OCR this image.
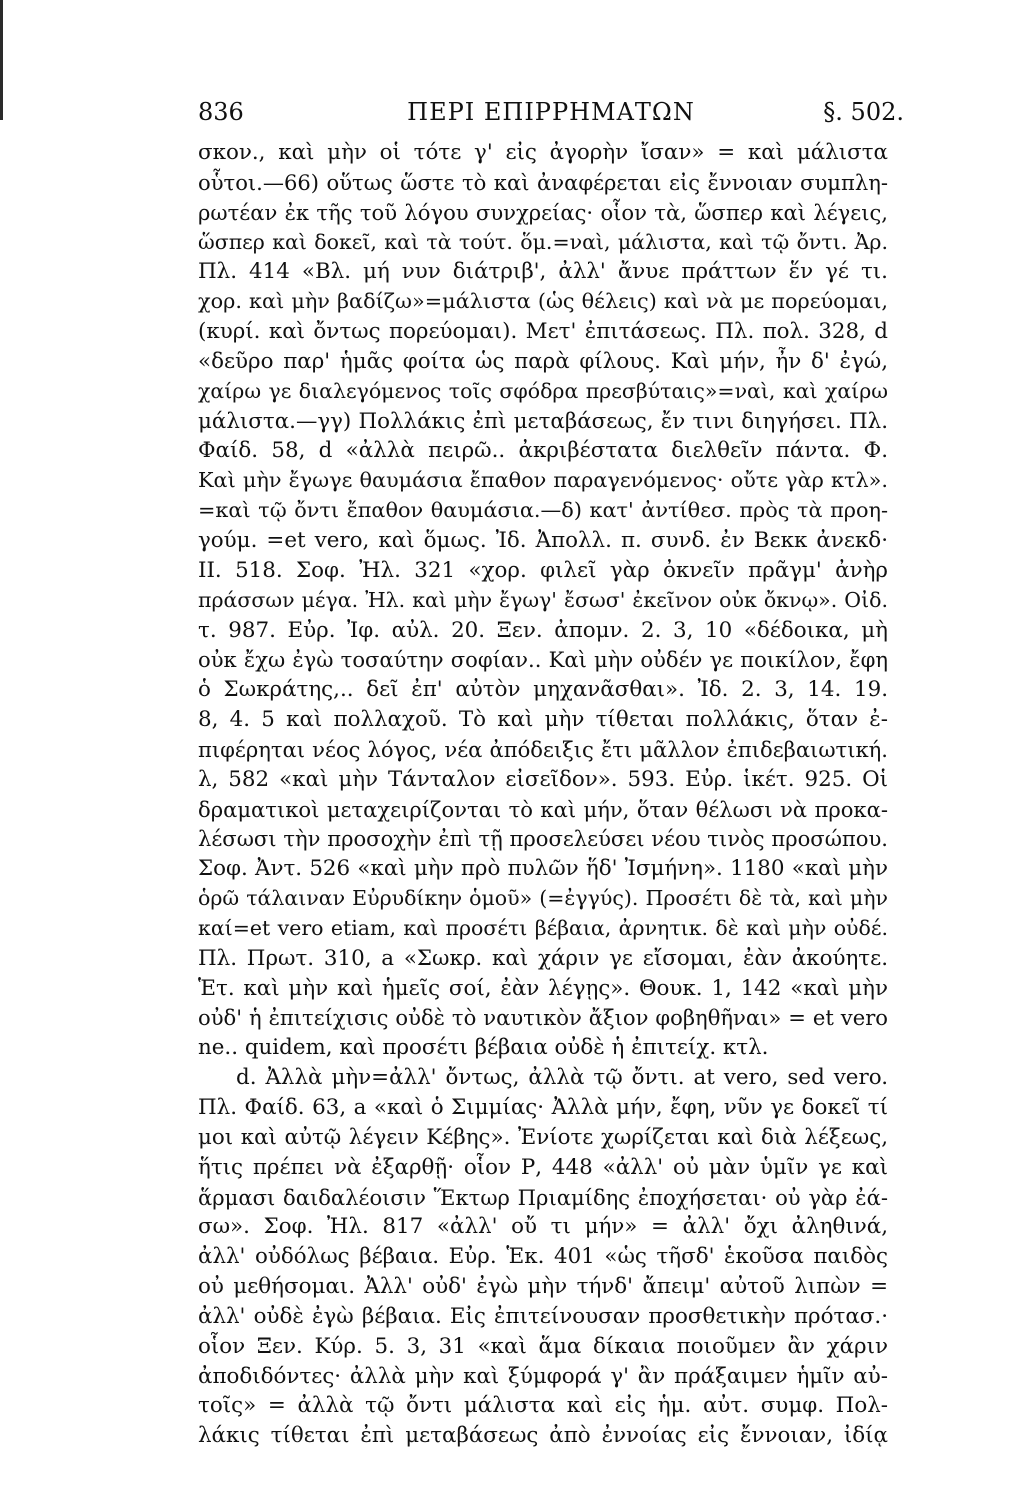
836	ΠΕΡΙ ΕΠΙΡΡΗΜΑΤΩΝ	§. 502.
σκον., καὶ μὴν οἱ τότε γ' εἰς ἀγορὴν ἴσαν» = καὶ μάλιστα
οὗτοι.—66) οὕτως ὥστε τὸ καὶ ἀναφέρεται εἰς ἔννοιαν συμπλη-
ρωτέαν ἐκ τῆς τοῦ λόγου συνχρείας· οἷον τὰ, ὥσπερ καὶ λέγεις,
ὥσπερ καὶ δοκεῖ, καὶ τὰ τούτ. ὅμ.=ναὶ, μάλιστα, καὶ τῷ ὄντι. Ἀρ.
Πλ. 414 «Βλ. μή νυν διάτριβ', ἀλλ' ἄνυε πράττων ἕν γέ τι.
χορ. καὶ μὴν βαδίζω»=μάλιστα (ὡς θέλεις) καὶ νὰ με πορεύομαι,
(κυρί. καὶ ὄντως πορεύομαι). Μετ' ἐπιτάσεως. Πλ. πολ. 328, d
«δεῦρο παρ' ἡμᾶς φοίτα ὡς παρὰ φίλους. Καὶ μήν, ἦν δ' ἐγώ,
χαίρω γε διαλεγόμενος τοῖς σφόδρα πρεσβύταις»=ναὶ, καὶ χαίρω
μάλιστα.—γγ) Πολλάκις ἐπὶ μεταβάσεως, ἔν τινι διηγήσει. Πλ.
Φαίδ. 58, d «ἀλλὰ πειρῶ.. ἀκριβέστατα διελθεῖν πάντα. Φ.
Καὶ μὴν ἔγωγε θαυμάσια ἔπαθον παραγενόμενος· οὔτε γὰρ κτλ».
=καὶ τῷ ὄντι ἔπαθον θαυμάσια.—δ) κατ' ἀντίθεσ. πρὸς τὰ προη-
γούμ. =et vero, καὶ ὅμως. Ἰδ. Ἀπολλ. π. συνδ. ἐν Βεκκ ἀνεκδ·
II. 518. Σοφ. Ἠλ. 321 «χορ. φιλεῖ γὰρ ὀκνεῖν πρᾶγμ' ἀνὴρ
πράσσων μέγα. Ἠλ. καὶ μὴν ἔγωγ' ἔσωσ' ἐκεῖνον οὐκ ὄκνῳ». Οἰδ.
τ. 987. Εὐρ. Ἰφ. αὐλ. 20. Ξεν. ἀπομν. 2. 3, 10 «δέδοικα, μὴ
οὐκ ἔχω ἐγὼ τοσαύτην σοφίαν.. Καὶ μὴν οὐδέν γε ποικίλον, ἔφη
ὁ Σωκράτης,.. δεῖ ἐπ' αὐτὸν μηχανᾶσθαι». Ἰδ. 2. 3, 14. 19.
8, 4. 5 καὶ πολλαχοῦ. Τὸ καὶ μὴν τίθεται πολλάκις, ὅταν ἐ-
πιφέρηται νέος λόγος, νέα ἀπόδειξις ἔτι μᾶλλον ἐπιδεβαιωτική.
λ, 582 «καὶ μὴν Τάνταλον εἰσεῖδον». 593. Εὐρ. ἱκέτ. 925. Οἱ
δραματικοὶ μεταχειρίζονται τὸ καὶ μήν, ὅταν θέλωσι νὰ προκα-
λέσωσι τὴν προσοχὴν ἐπὶ τῇ προσελεύσει νέου τινὸς προσώπου.
Σοφ. Ἀντ. 526 «καὶ μὴν πρὸ πυλῶν ἥδ' Ἰσμήνη». 1180 «καὶ μὴν
ὁρῶ τάλαιναν Εὐρυδίκην ὁμοῦ» (=ἐγγύς). Προσέτι δὲ τὰ, καὶ μὴν
καί=et vero etiam, καὶ προσέτι βέβαια, ἀρνητικ. δὲ καὶ μὴν οὐδέ.
Πλ. Πρωτ. 310, a «Σωκρ. καὶ χάριν γε εἴσομαι, ἐὰν ἀκούητε.
Ἑτ. καὶ μὴν καὶ ἡμεῖς σοί, ἐὰν λέγῃς». Θουκ. 1, 142 «καὶ μὴν
οὐδ' ἡ ἐπιτείχισις οὐδὲ τὸ ναυτικὸν ἄξιον φοβηθῆναι» = et vero
ne.. quidem, καὶ προσέτι βέβαια οὐδὲ ἡ ἐπιτείχ. κτλ.
d. Ἀλλὰ μὴν=ἀλλ' ὄντως, ἀλλὰ τῷ ὄντι. at vero, sed vero.
Πλ. Φαίδ. 63, a «καὶ ὁ Σιμμίας· Ἀλλὰ μήν, ἔφη, νῦν γε δοκεῖ τί
μοι καὶ αὐτῷ λέγειν Κέβης». Ἐνίοτε χωρίζεται καὶ διὰ λέξεως,
ἥτις πρέπει νὰ ἐξαρθῇ· οἷον Ρ, 448 «ἀλλ' οὐ μὰν ὑμῖν γε καὶ
ἅρμασι δαιδαλέοισιν Ἕκτωρ Πριαμίδης ἐποχήσεται· οὐ γὰρ ἐά-
σω». Σοφ. Ἠλ. 817 «ἀλλ' οὔ τι μήν» = ἀλλ' ὄχι ἀληθινά,
ἀλλ' οὐδόλως βέβαια. Εὐρ. Ἑκ. 401 «ὡς τῆσδ' ἑκοῦσα παιδὸς
οὐ μεθήσομαι. Ἀλλ' οὐδ' ἐγὼ μὴν τήνδ' ἄπειμ' αὐτοῦ λιπὼν =
ἀλλ' οὐδὲ ἐγὼ βέβαια. Εἰς ἐπιτείνουσαν προσθετικὴν πρότασ.·
οἷον Ξεν. Κύρ. 5. 3, 31 «καὶ ἅμα δίκαια ποιοῦμεν ἂν χάριν
ἀποδιδόντες· ἀλλὰ μὴν καὶ ξύμφορά γ' ἂν πράξαιμεν ἡμῖν αὐ-
τοῖς» = ἀλλὰ τῷ ὄντι μάλιστα καὶ εἰς ἡμ. αὐτ. συμφ. Πολ-
λάκις τίθεται ἐπὶ μεταβάσεως ἀπὸ ἐννοίας εἰς ἔννοιαν, ἰδίᾳ
